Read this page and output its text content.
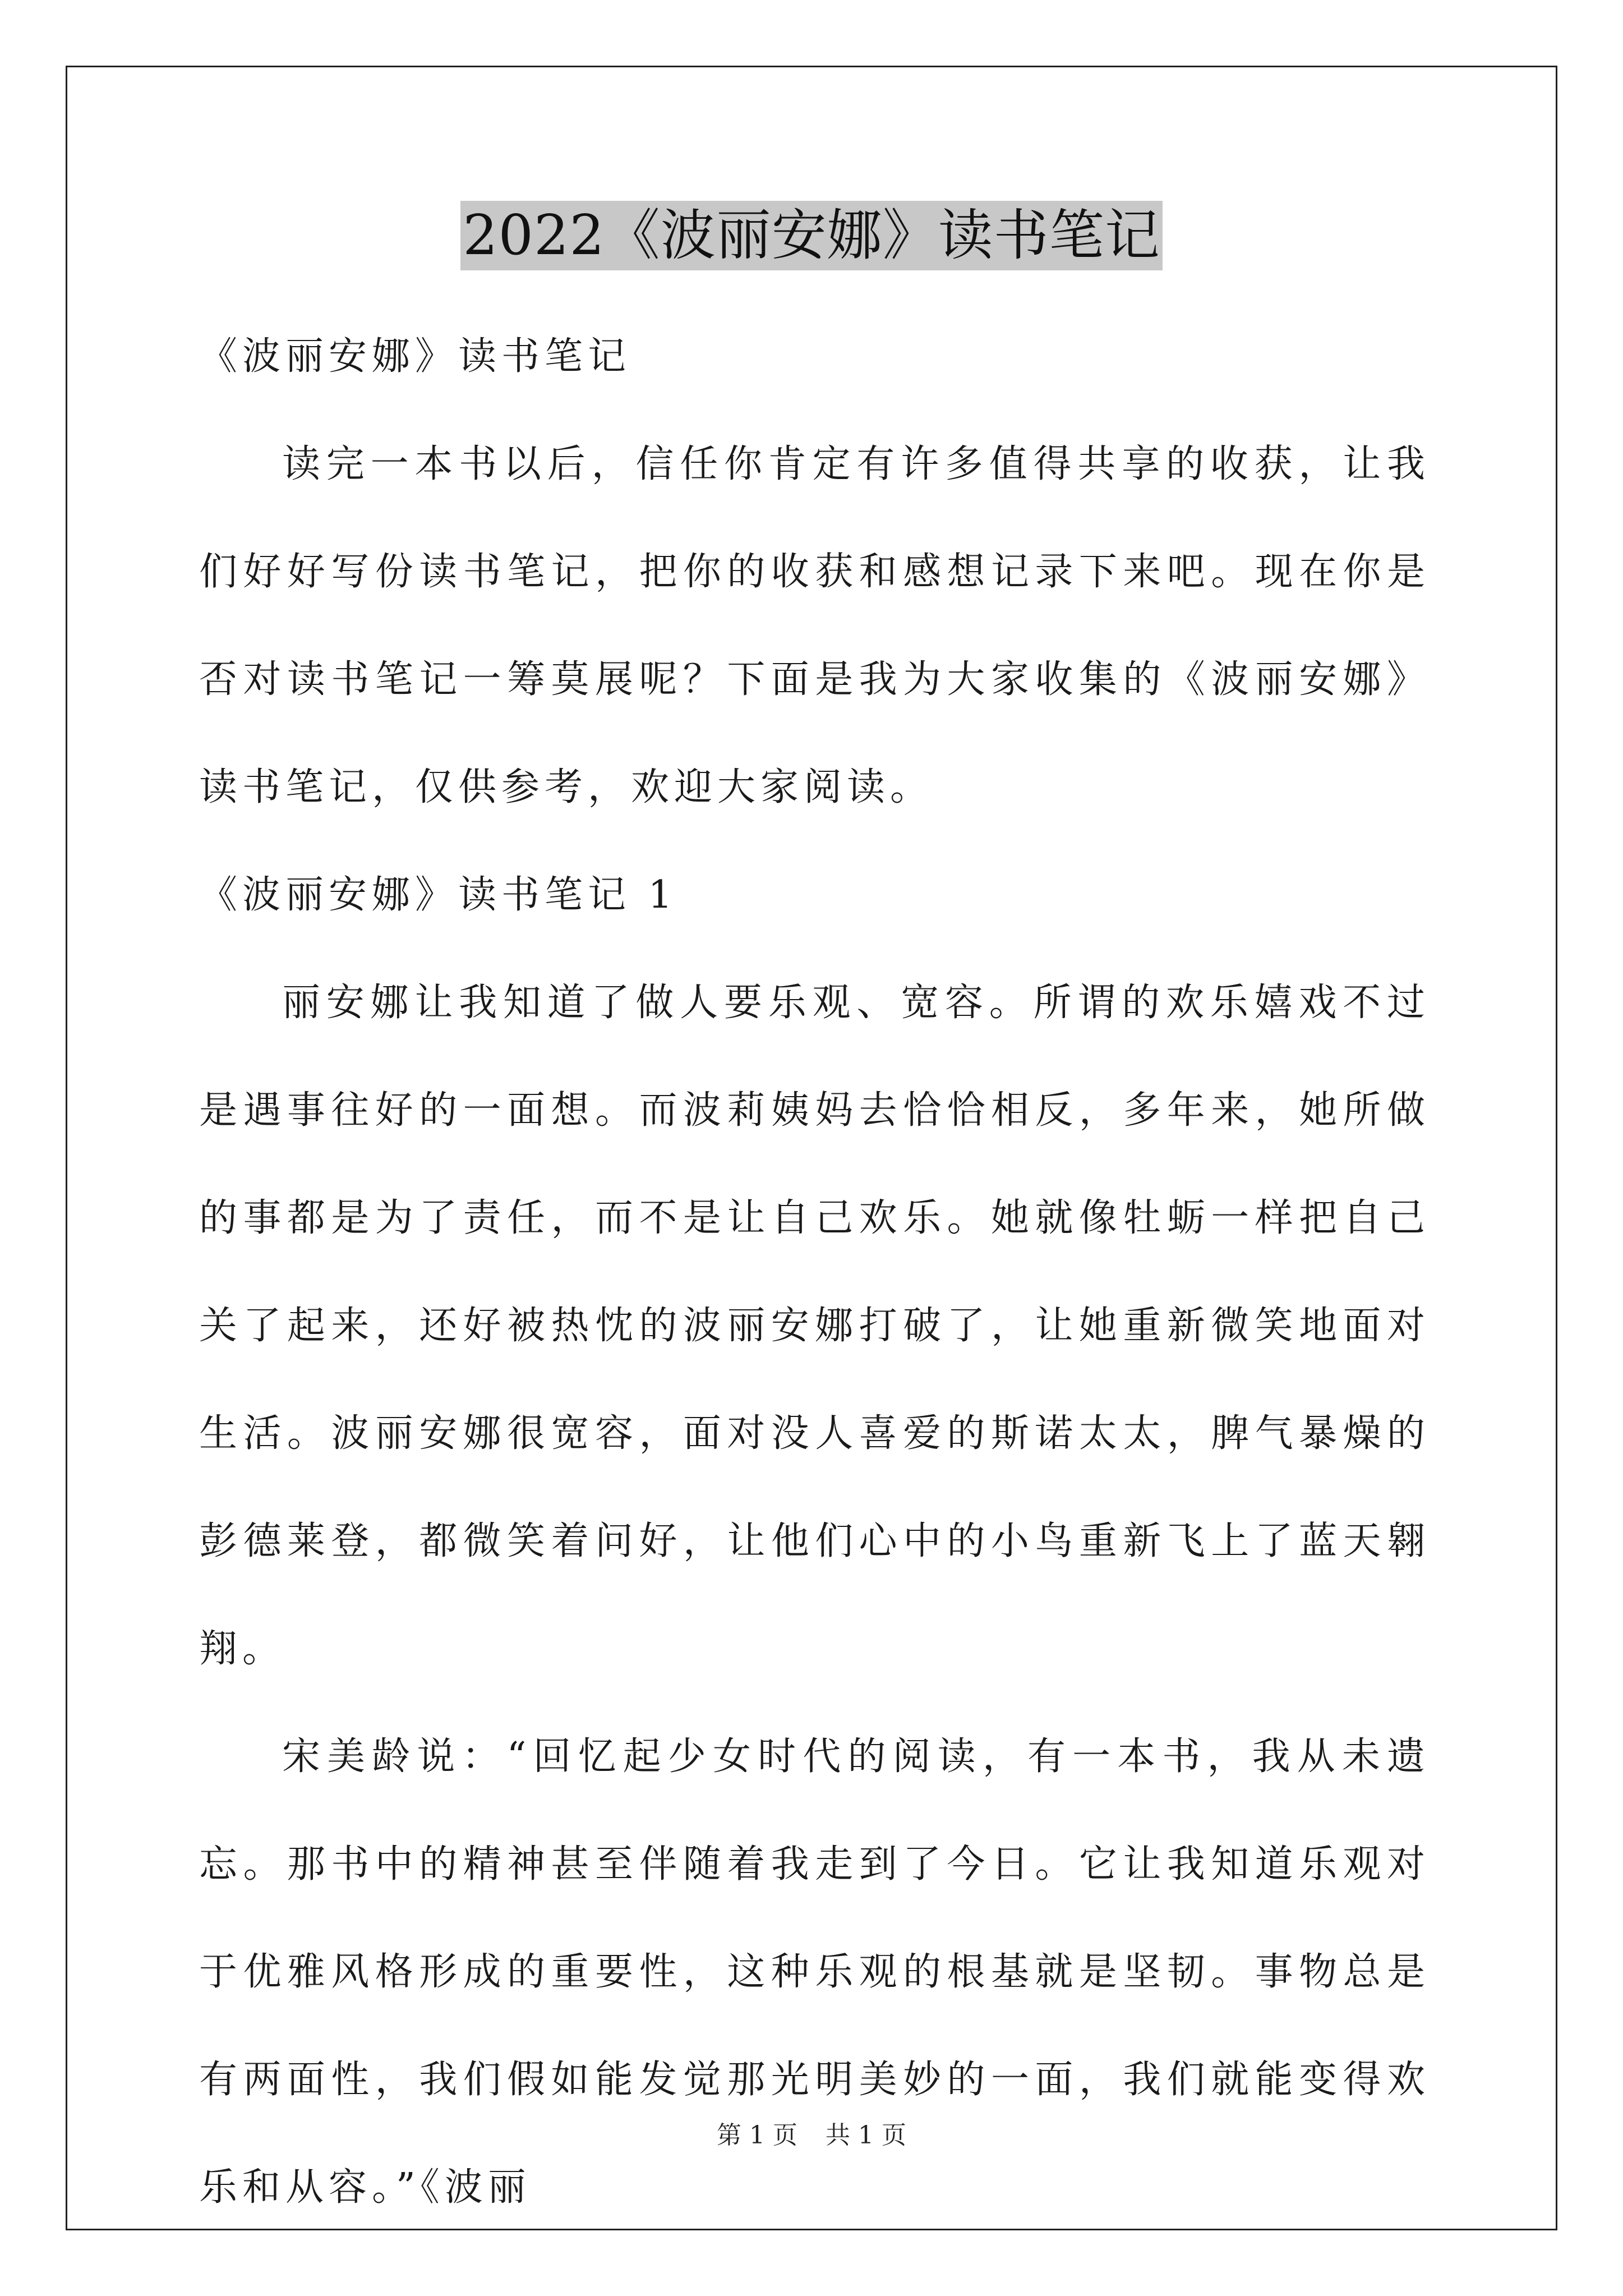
2022《波丽安娜》读书笔记
《波丽安娜》读书笔记
读完一本书以后，信任你肯定有许多值得共享的收获，让我们好好写份读书笔记，把你的收获和感想记录下来吧。现在你是否对读书笔记一筹莫展呢？下面是我为大家收集的《波丽安娜》读书笔记，仅供参考，欢迎大家阅读。
《波丽安娜》读书笔记 1
丽安娜让我知道了做人要乐观、宽容。所谓的欢乐嬉戏不过是遇事往好的一面想。而波莉姨妈去恰恰相反，多年来，她所做的事都是为了责任，而不是让自己欢乐。她就像牡蛎一样把自己关了起来，还好被热忱的波丽安娜打破了，让她重新微笑地面对生活。波丽安娜很宽容，面对没人喜爱的斯诺太太，脾气暴燥的彭德莱登，都微笑着问好，让他们心中的小鸟重新飞上了蓝天翱翔。
宋美龄说：“回忆起少女时代的阅读，有一本书，我从未遗忘。那书中的精神甚至伴随着我走到了今日。它让我知道乐观对于优雅风格形成的重要性，这种乐观的根基就是坚韧。事物总是有两面性，我们假如能发觉那光明美妙的一面，我们就能变得欢乐和从容。”《波丽
第 1 页 共 1 页
